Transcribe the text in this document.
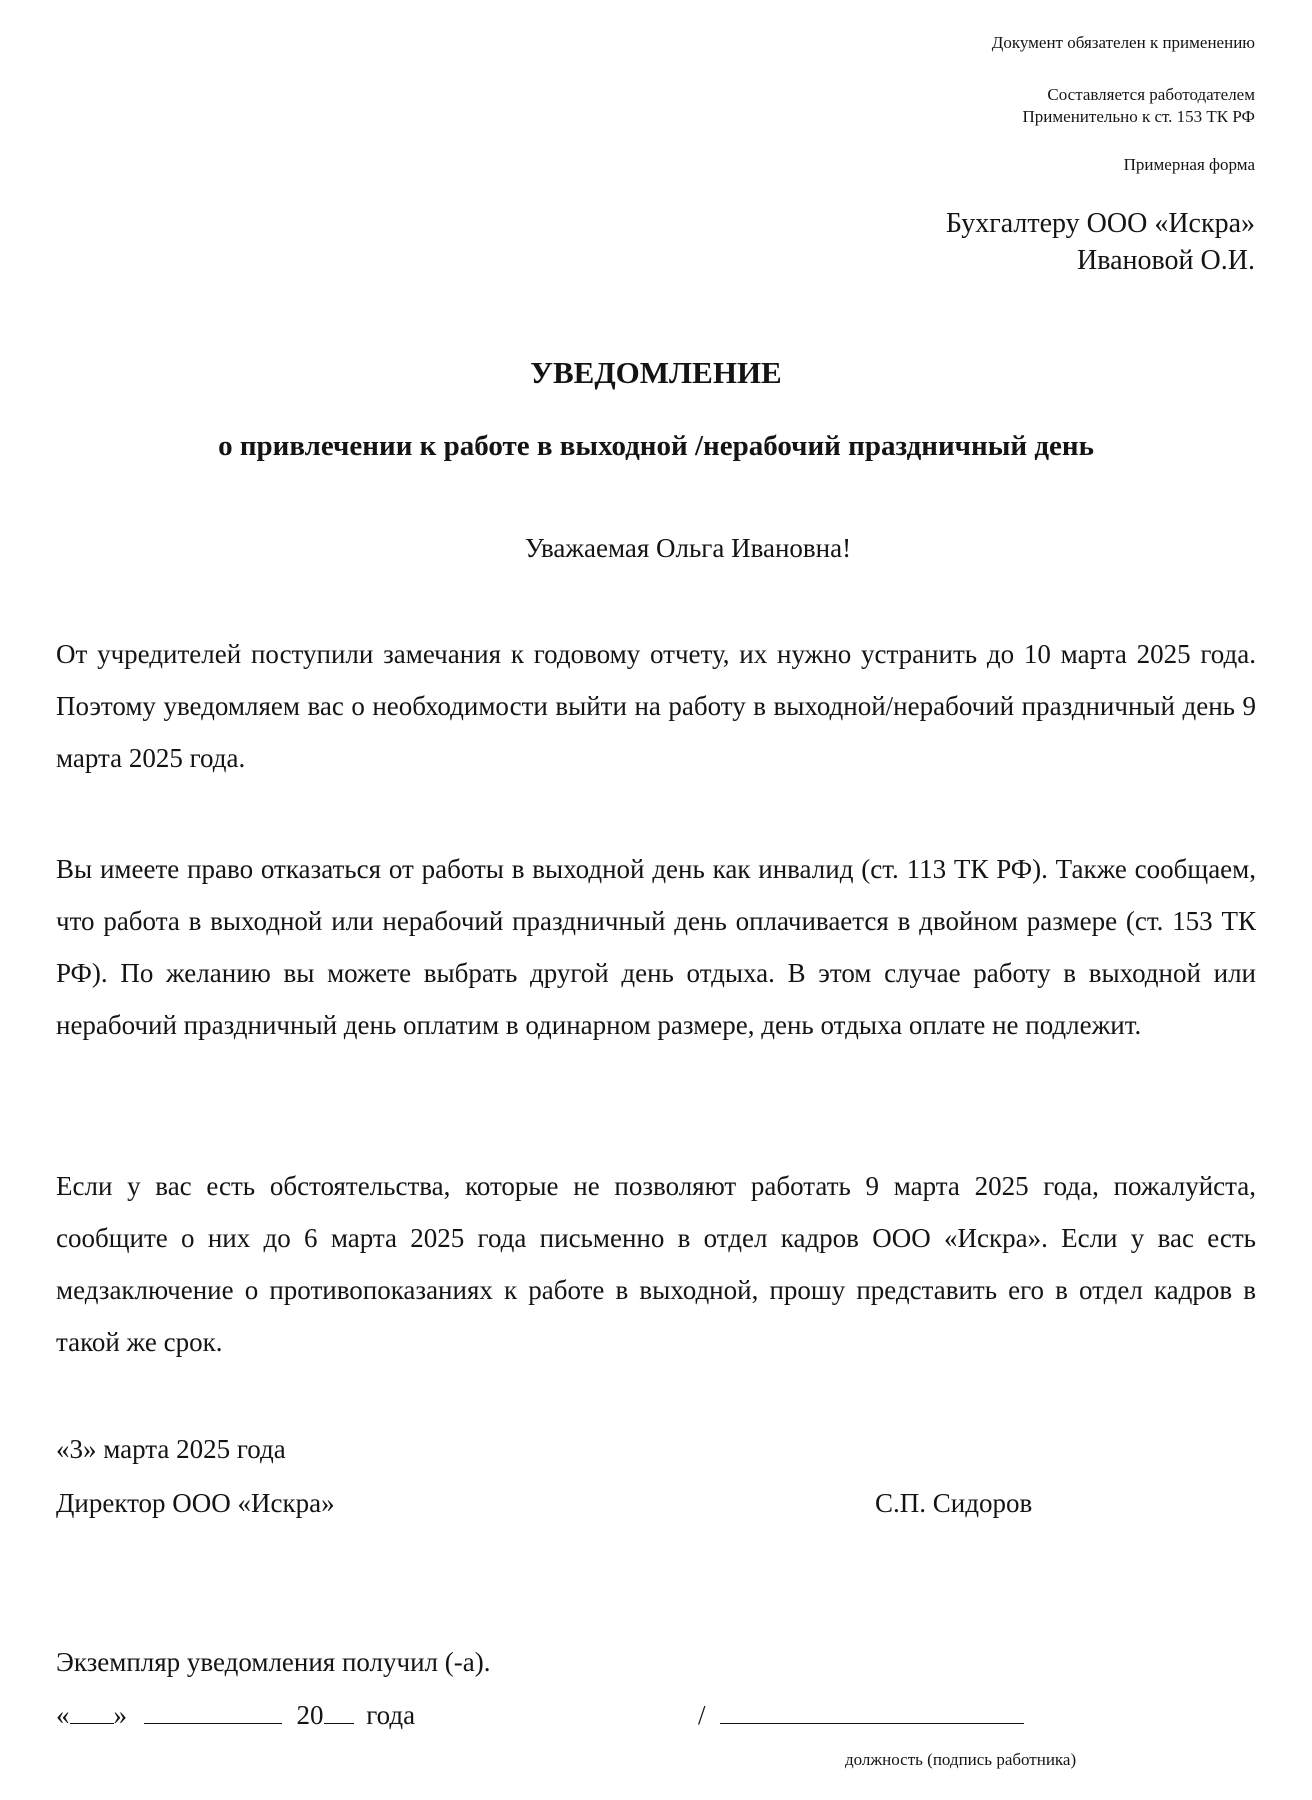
Документ обязателен к применению
Составляется работодателем
Применительно к ст. 153 ТК РФ
Примерная форма
Бухгалтеру ООО «Искра»
Ивановой О.И.
УВЕДОМЛЕНИЕ
о привлечении к работе в выходной /нерабочий праздничный день
Уважаемая Ольга Ивановна!

От учредителей поступили замечания к годовому отчету, их нужно устранить до 10 марта 2025 года. Поэтому уведомляем вас о необходимости выйти на работу в выходной/нерабочий праздничный день 9 марта 2025 года.

Вы имеете право отказаться от работы в выходной день как инвалид (ст. 113 ТК РФ). Также сообщаем, что работа в выходной или нерабочий праздничный день оплачивается в двойном размере (ст. 153 ТК РФ). По желанию вы можете выбрать другой день отдыха. В этом случае работу в выходной или нерабочий праздничный день оплатим в одинарном размере, день отдыха оплате не подлежит.

Если у вас есть обстоятельства, которые не позволяют работать 9 марта 2025 года, пожалуйста, сообщите о них до 6 марта 2025 года письменно в отдел кадров ООО «Искра». Если у вас есть медзаключение о противопоказаниях к работе в выходной, прошу представить его в отдел кадров в такой же срок.

«3» марта 2025 года
Директор ООО «Искра»	С.П. Сидоров
Экземпляр уведомления получил (-а).
« »	20 года	/
должность (подпись работника)
